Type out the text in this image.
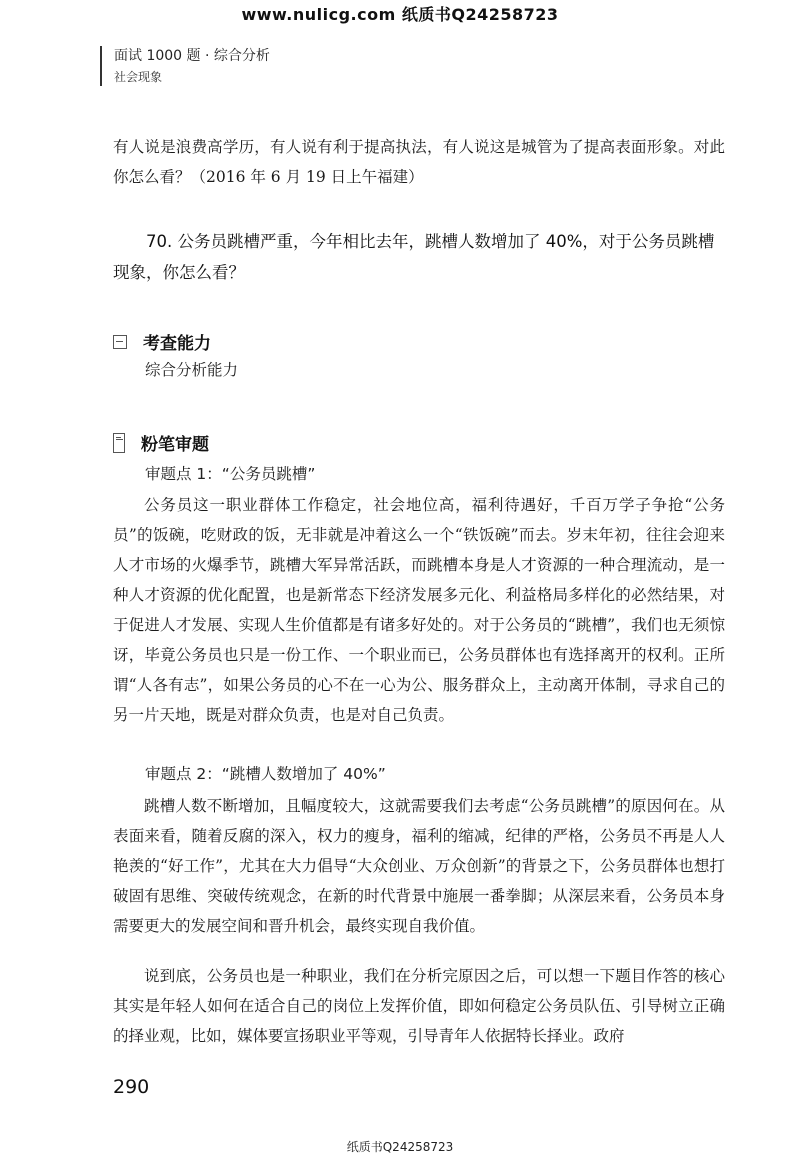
www.nulicg.com 纸质书Q24258723
面试 1000 题 · 综合分析
社会现象
有人说是浪费高学历，有人说有利于提高执法，有人说这是城管为了提高表面形象。对此你怎么看？（2016 年 6 月 19 日上午福建）
70. 公务员跳槽严重，今年相比去年，跳槽人数增加了 40%，对于公务员跳槽现象，你怎么看？
考查能力
综合分析能力
粉笔审题
审题点 1：“公务员跳槽”
公务员这一职业群体工作稳定，社会地位高，福利待遇好，千百万学子争抢“公务员”的饭碗，吃财政的饭，无非就是冲着这么一个“铁饭碗”而去。岁末年初，往往会迎来人才市场的火爆季节，跳槽大军异常活跃，而跳槽本身是人才资源的一种合理流动，是一种人才资源的优化配置，也是新常态下经济发展多元化、利益格局多样化的必然结果，对于促进人才发展、实现人生价值都是有诸多好处的。对于公务员的“跳槽”，我们也无须惊讶，毕竟公务员也只是一份工作、一个职业而已，公务员群体也有选择离开的权利。正所谓“人各有志”，如果公务员的心不在一心为公、服务群众上，主动离开体制，寻求自己的另一片天地，既是对群众负责，也是对自己负责。
审题点 2：“跳槽人数增加了 40%”
跳槽人数不断增加，且幅度较大，这就需要我们去考虑“公务员跳槽”的原因何在。从表面来看，随着反腐的深入，权力的瘦身，福利的缩减，纪律的严格，公务员不再是人人艳羡的“好工作”，尤其在大力倡导“大众创业、万众创新”的背景之下，公务员群体也想打破固有思维、突破传统观念，在新的时代背景中施展一番拳脚；从深层来看，公务员本身需要更大的发展空间和晋升机会，最终实现自我价值。
说到底，公务员也是一种职业，我们在分析完原因之后，可以想一下题目作答的核心其实是年轻人如何在适合自己的岗位上发挥价值，即如何稳定公务员队伍、引导树立正确的择业观，比如，媒体要宣扬职业平等观，引导青年人依据特长择业。政府
290
纸质书Q24258723
